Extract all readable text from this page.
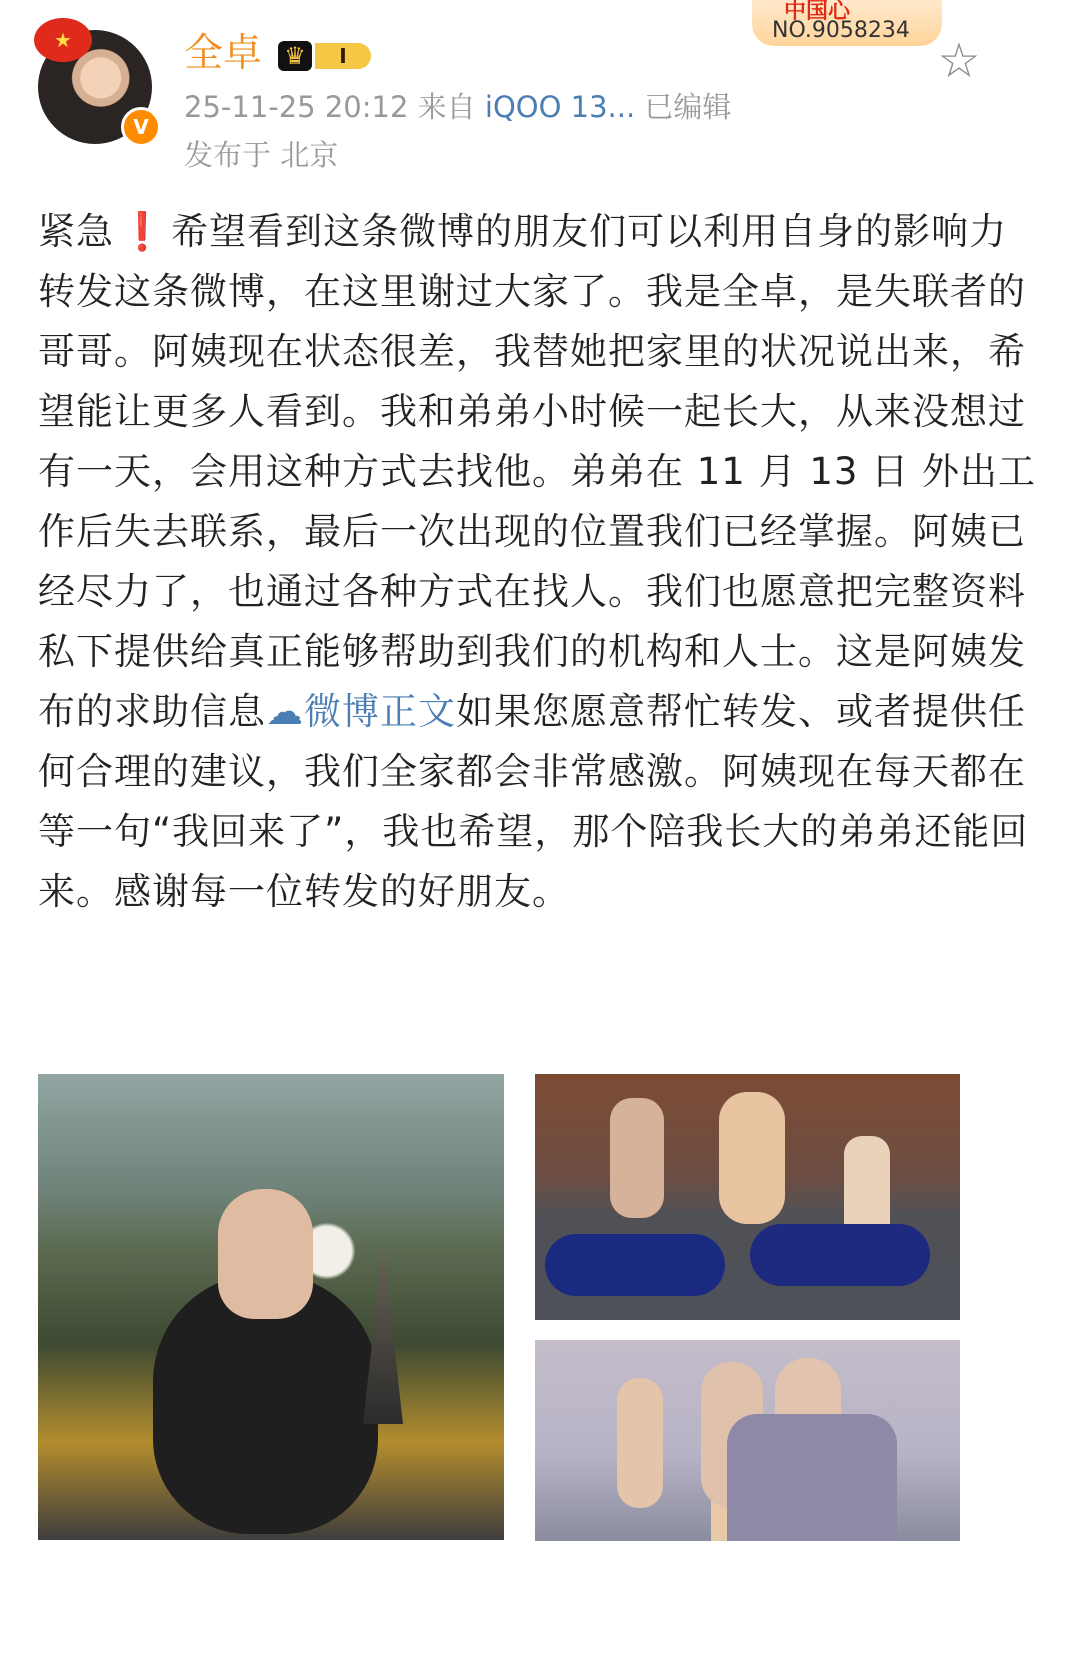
★
V
全卓 ♛	I
中国心
NO.9058234
☆
25-11-25 20:12 来自 iQOO 13... 已编辑
发布于 北京
紧急 ❗ 希望看到这条微博的朋友们可以利用自身的影响力转发这条微博，在这里谢过大家了。我是全卓，是失联者的哥哥。阿姨现在状态很差，我替她把家里的状况说出来，希望能让更多人看到。我和弟弟小时候一起长大，从来没想过有一天，会用这种方式去找他。弟弟在 11 月 13 日 外出工作后失去联系，最后一次出现的位置我们已经掌握。阿姨已经尽力了，也通过各种方式在找人。我们也愿意把完整资料私下提供给真正能够帮助到我们的机构和人士。这是阿姨发布的求助信息☁微博正文如果您愿意帮忙转发、或者提供任何合理的建议，我们全家都会非常感激。阿姨现在每天都在等一句“我回来了”，我也希望，那个陪我长大的弟弟还能回来。感谢每一位转发的好朋友。
